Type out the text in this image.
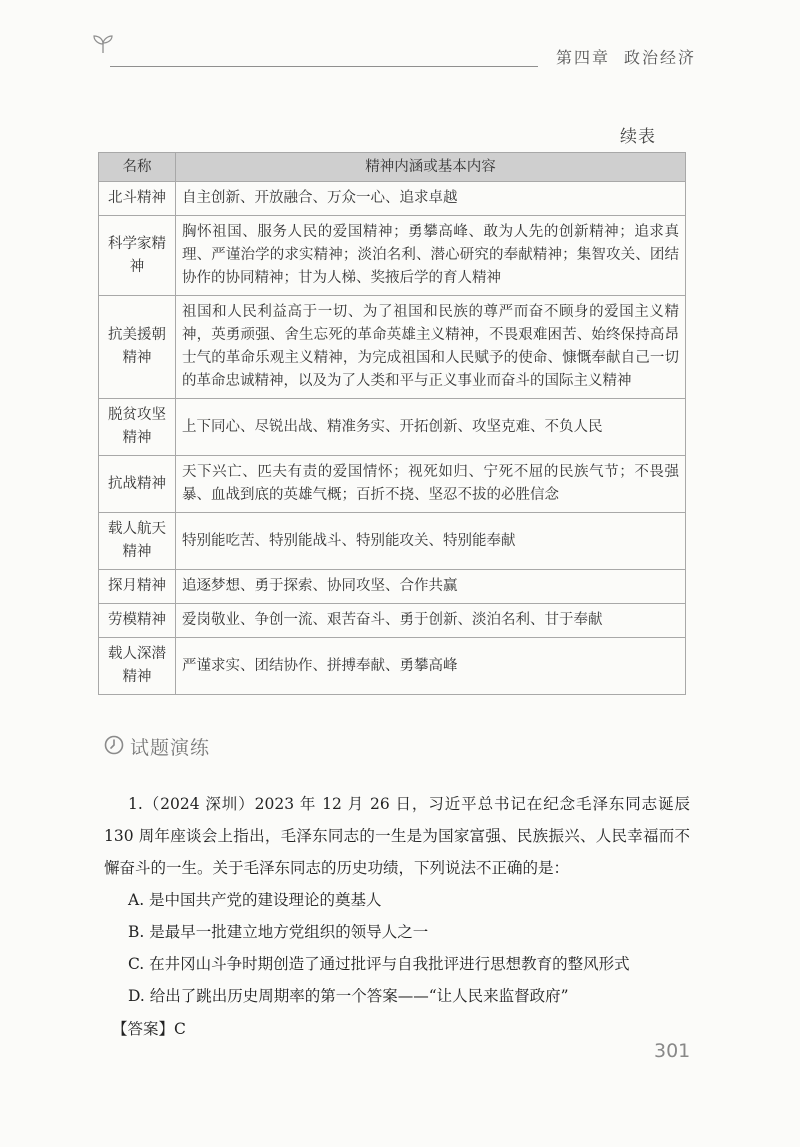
第四章 政治经济
续表
名称	精神内涵或基本内容
北斗精神	自主创新、开放融合、万众一心、追求卓越
科学家精神	胸怀祖国、服务人民的爱国精神；勇攀高峰、敢为人先的创新精神；追求真理、严谨治学的求实精神；淡泊名利、潜心研究的奉献精神；集智攻关、团结协作的协同精神；甘为人梯、奖掖后学的育人精神
抗美援朝精神	祖国和人民利益高于一切、为了祖国和民族的尊严而奋不顾身的爱国主义精神，英勇顽强、舍生忘死的革命英雄主义精神，不畏艰难困苦、始终保持高昂士气的革命乐观主义精神，为完成祖国和人民赋予的使命、慷慨奉献自己一切的革命忠诚精神，以及为了人类和平与正义事业而奋斗的国际主义精神
脱贫攻坚精神	上下同心、尽锐出战、精准务实、开拓创新、攻坚克难、不负人民
抗战精神	天下兴亡、匹夫有责的爱国情怀；视死如归、宁死不屈的民族气节；不畏强暴、血战到底的英雄气概；百折不挠、坚忍不拔的必胜信念
载人航天精神	特别能吃苦、特别能战斗、特别能攻关、特别能奉献
探月精神	追逐梦想、勇于探索、协同攻坚、合作共赢
劳模精神	爱岗敬业、争创一流、艰苦奋斗、勇于创新、淡泊名利、甘于奉献
载人深潜精神	严谨求实、团结协作、拼搏奉献、勇攀高峰
试题演练

1.（2024 深圳）2023 年 12 月 26 日，习近平总书记在纪念毛泽东同志诞辰 130 周年座谈会上指出，毛泽东同志的一生是为国家富强、民族振兴、人民幸福而不懈奋斗的一生。关于毛泽东同志的历史功绩，下列说法不正确的是：

A. 是中国共产党的建设理论的奠基人

B. 是最早一批建立地方党组织的领导人之一

C. 在井冈山斗争时期创造了通过批评与自我批评进行思想教育的整风形式

D. 给出了跳出历史周期率的第一个答案——“让人民来监督政府”

【答案】C

301
